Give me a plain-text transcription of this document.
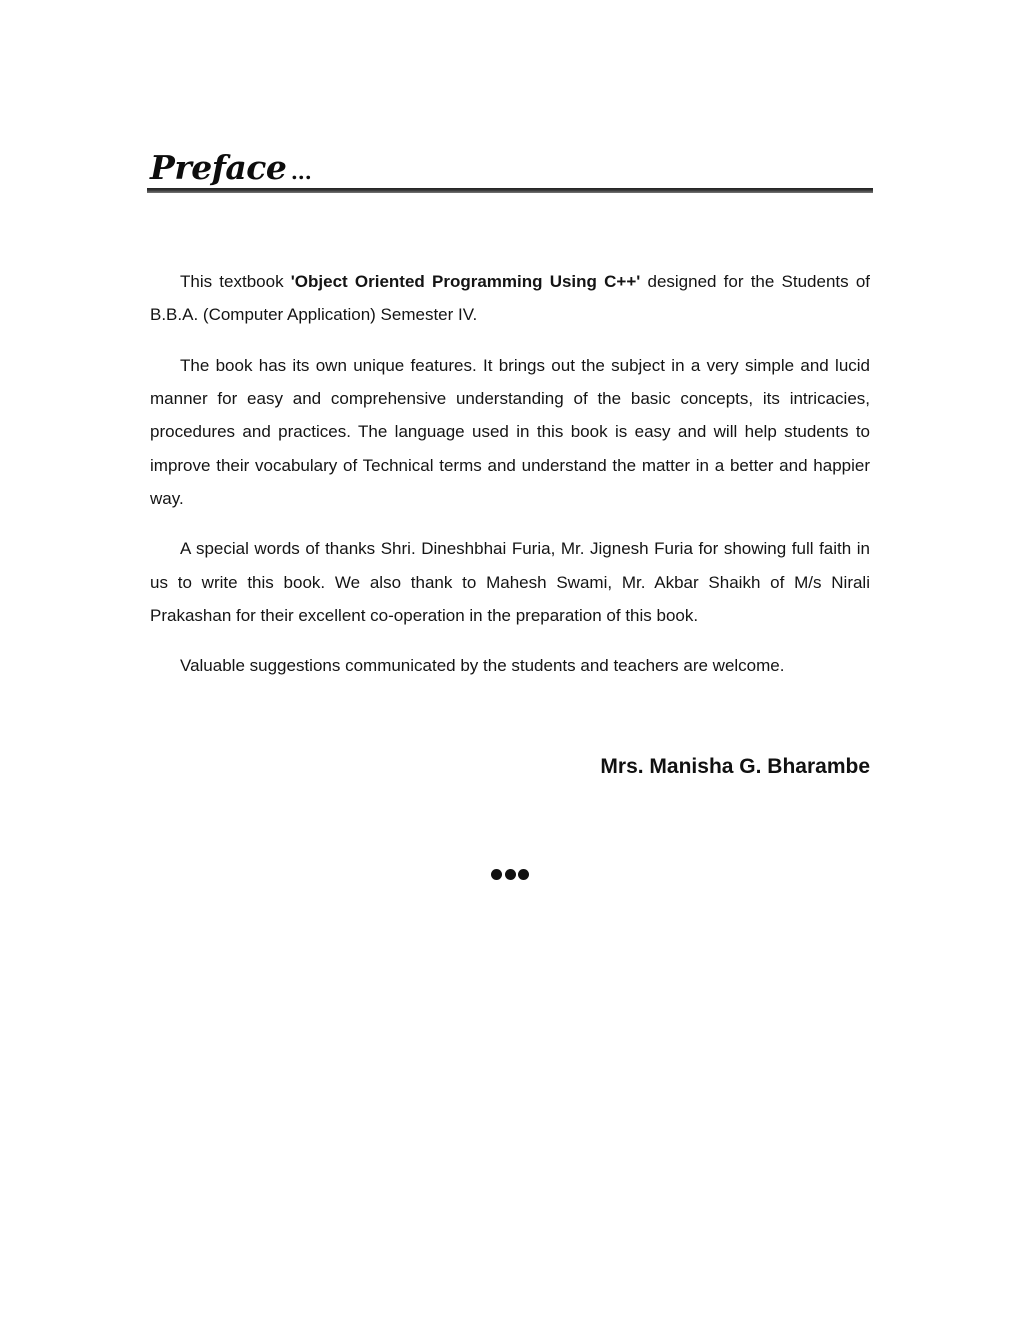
Preface ...

This textbook 'Object Oriented Programming Using C++' designed for the Students of B.B.A. (Computer Application) Semester IV.

The book has its own unique features. It brings out the subject in a very simple and lucid manner for easy and comprehensive understanding of the basic concepts, its intricacies, procedures and practices. The language used in this book is easy and will help students to improve their vocabulary of Technical terms and understand the matter in a better and happier way.

A special words of thanks Shri. Dineshbhai Furia, Mr. Jignesh Furia for showing full faith in us to write this book. We also thank to Mahesh Swami, Mr. Akbar Shaikh of M/s Nirali Prakashan for their excellent co-operation in the preparation of this book.

Valuable suggestions communicated by the students and teachers are welcome.

Mrs. Manisha G. Bharambe
